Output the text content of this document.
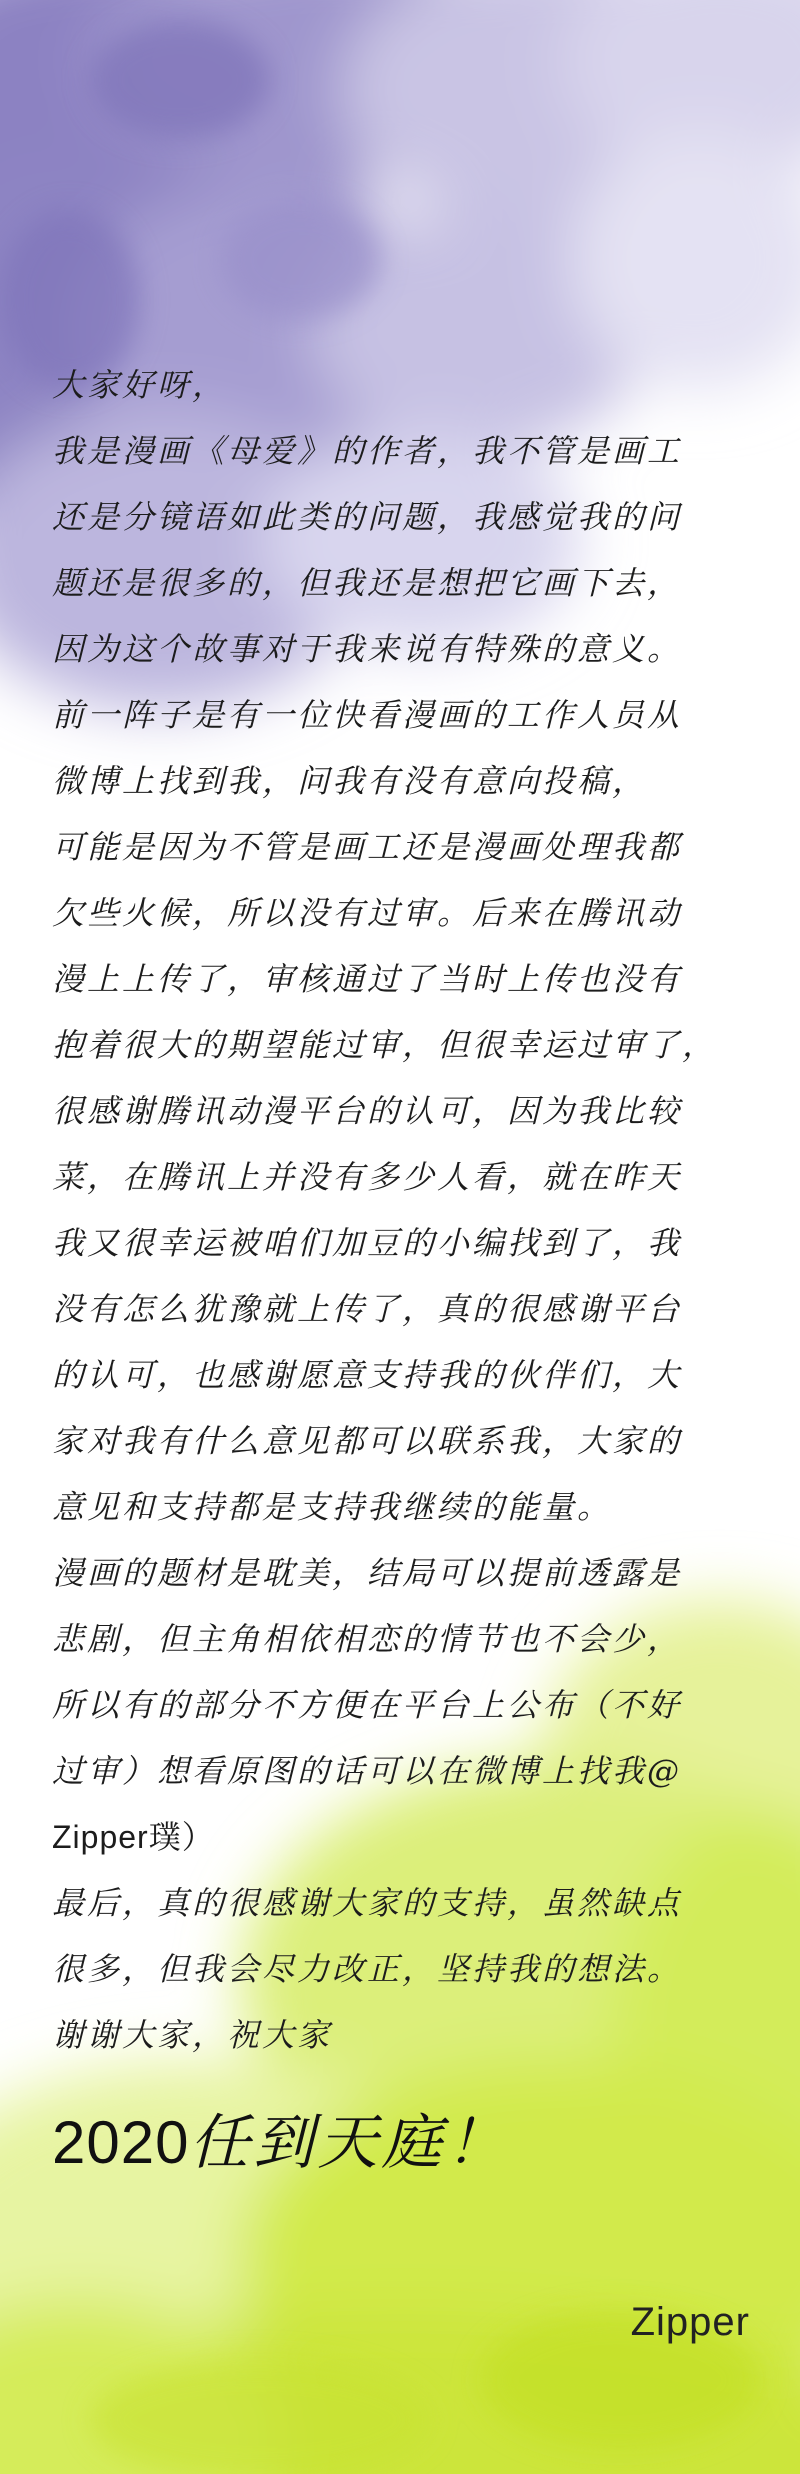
大家好呀，
我是漫画《母爱》的作者，我不管是画工
还是分镜语如此类的问题，我感觉我的问
题还是很多的，但我还是想把它画下去，
因为这个故事对于我来说有特殊的意义。
前一阵子是有一位快看漫画的工作人员从
微博上找到我，问我有没有意向投稿，
可能是因为不管是画工还是漫画处理我都
欠些火候，所以没有过审。后来在腾讯动
漫上上传了，审核通过了当时上传也没有
抱着很大的期望能过审，但很幸运过审了，
很感谢腾讯动漫平台的认可，因为我比较
菜，在腾讯上并没有多少人看，就在昨天
我又很幸运被咱们加豆的小编找到了，我
没有怎么犹豫就上传了，真的很感谢平台
的认可，也感谢愿意支持我的伙伴们，大
家对我有什么意见都可以联系我，大家的
意见和支持都是支持我继续的能量。
漫画的题材是耽美，结局可以提前透露是
悲剧，但主角相依相恋的情节也不会少，
所以有的部分不方便在平台上公布（不好
过审）想看原图的话可以在微博上找我@
Zipper璞）
最后，真的很感谢大家的支持，虽然缺点
很多，但我会尽力改正，坚持我的想法。
谢谢大家，祝大家
2020任到天庭！
Zipper
